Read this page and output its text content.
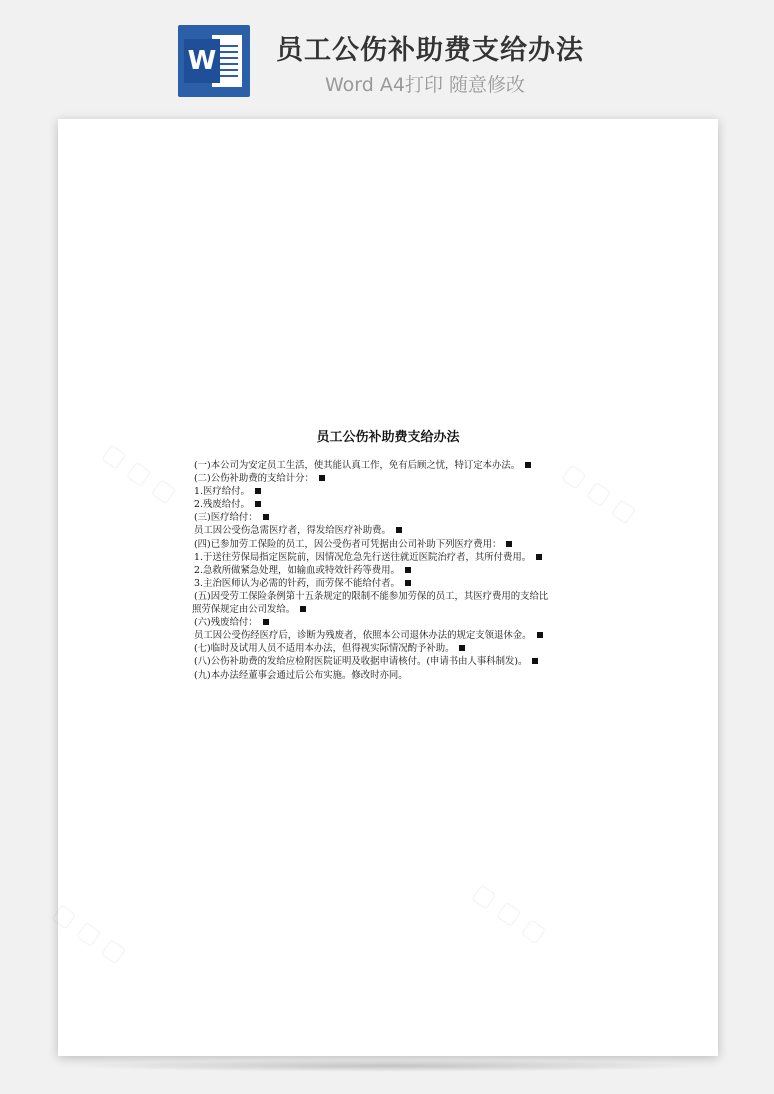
W 员工公伤补助费支给办法
Word A4打印 随意修改
▢ ▢ ▢	▢ ▢ ▢
▢ ▢ ▢
▢ ▢ ▢
员工公伤补助费支给办法
(一)本公司为安定员工生活，使其能认真工作，免有后顾之忧，特订定本办法。
(二)公伤补助费的支给计分：
1.医疗给付。
2.残废给付。
(三)医疗给付：
员工因公受伤急需医疗者，得发给医疗补助费。
(四)已参加劳工保险的员工，因公受伤者可凭据由公司补助下列医疗费用：
1.于送往劳保局指定医院前，因情况危急先行送往就近医院治疗者，其所付费用。
2.急救所做紧急处理，如输血或特效针药等费用。
3.主治医师认为必需的针药，而劳保不能给付者。
(五)因受劳工保险条例第十五条规定的限制不能参加劳保的员工，其医疗费用的支给比
照劳保规定由公司发给。
(六)残废给付：
员工因公受伤经医疗后，诊断为残废者，依照本公司退休办法的规定支领退休金。
(七)临时及试用人员不适用本办法，但得视实际情况酌予补助。
(八)公伤补助费的发给应检附医院证明及收据申请核付。(申请书由人事科制发)。
(九)本办法经董事会通过后公布实施。修改时亦同。
